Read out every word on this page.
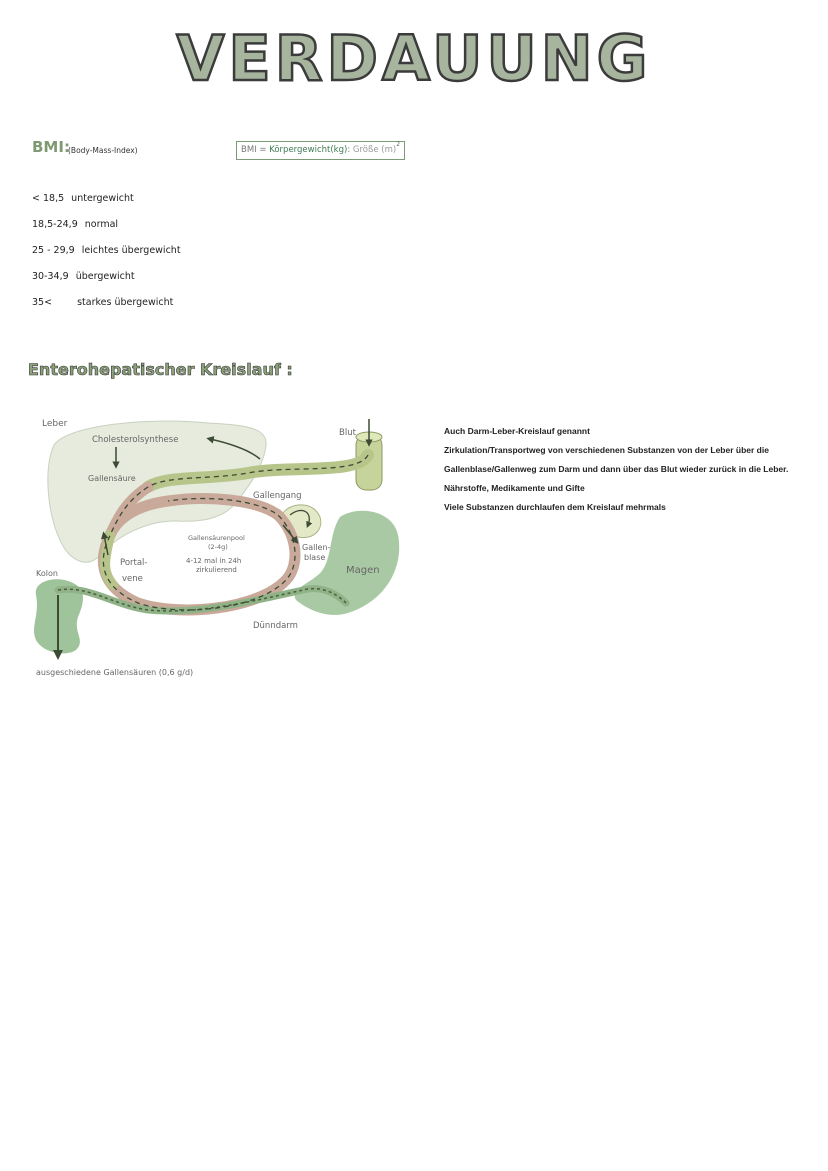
VERDAUUNG
BMI:
(Body-Mass-Index)	BMI = Körpergewicht(kg): Größe $(m)^2$
< 18,5 untergewicht
18,5-24,9 normal
25 - 29,9 leichtes übergewicht
30-34,9 übergewicht
35<	starkes übergewicht
Enterohepatischer Kreislauf :
Leber
Cholesterolsynthese
Gallensäure
Blut
Gallengang
Gallensäurenpool
(2-4g)
4-12 mal in 24h
zirkulierend
Portal-
vene
Gallen-
blase
Magen
Kolon
Dünndarm
ausgeschiedene Gallensäuren (0,6 g/d)
Auch Darm-Leber-Kreislauf genannt
Zirkulation/Transportweg von verschiedenen Substanzen von der Leber über die
Gallenblase/Gallenweg zum Darm und dann über das Blut wieder zurück in die Leber.
Nährstoffe, Medikamente und Gifte
Viele Substanzen durchlaufen dem Kreislauf mehrmals
